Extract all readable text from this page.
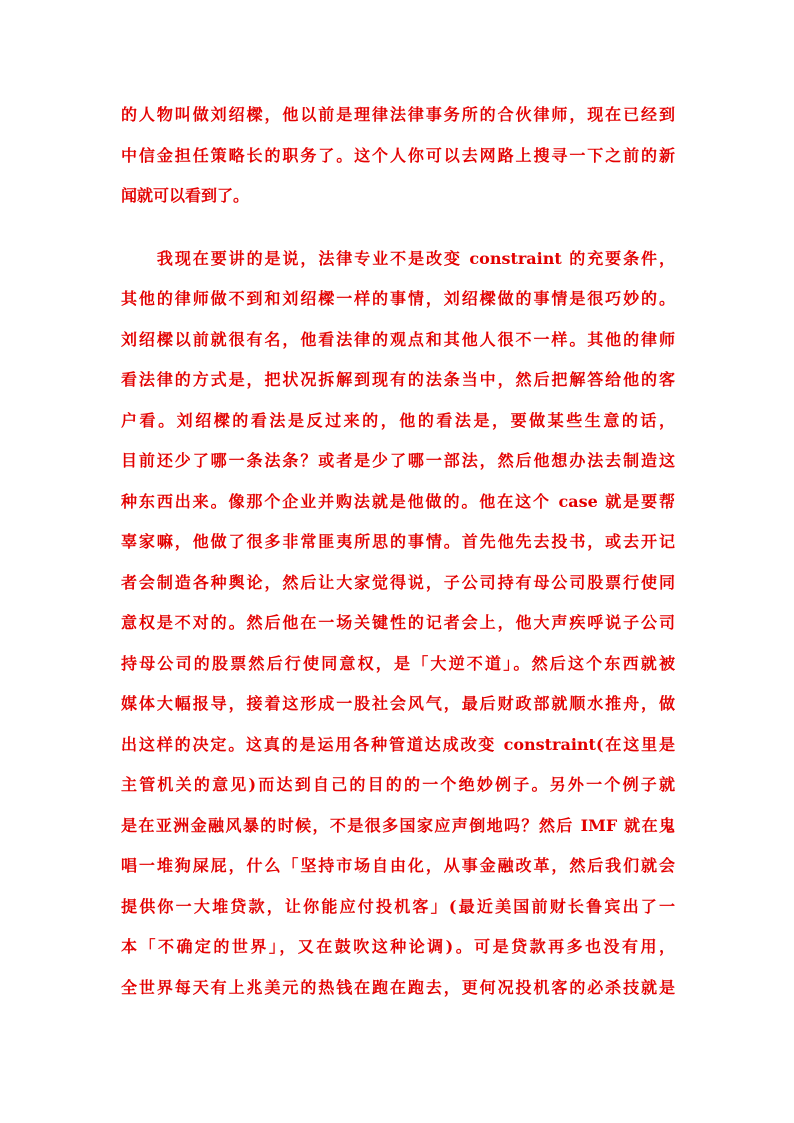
的人物叫做刘绍樑，他以前是理律法律事务所的合伙律师，现在已经到
中信金担任策略长的职务了。这个人你可以去网路上搜寻一下之前的新
闻就可以看到了。

　　我现在要讲的是说，法律专业不是改变 constraint 的充要条件，
其他的律师做不到和刘绍樑一样的事情，刘绍樑做的事情是很巧妙的。
刘绍樑以前就很有名，他看法律的观点和其他人很不一样。其他的律师
看法律的方式是，把状况拆解到现有的法条当中，然后把解答给他的客
户看。刘绍樑的看法是反过来的，他的看法是，要做某些生意的话，
目前还少了哪一条法条？或者是少了哪一部法，然后他想办法去制造这
种东西出来。像那个企业并购法就是他做的。他在这个 case 就是要帮
辜家嘛，他做了很多非常匪夷所思的事情。首先他先去投书，或去开记
者会制造各种舆论，然后让大家觉得说，子公司持有母公司股票行使同
意权是不对的。然后他在一场关键性的记者会上，他大声疾呼说子公司
持母公司的股票然后行使同意权，是「大逆不道」。然后这个东西就被
媒体大幅报导，接着这形成一股社会风气，最后财政部就顺水推舟，做
出这样的决定。这真的是运用各种管道达成改变 constraint(在这里是
主管机关的意见)而达到自己的目的的一个绝妙例子。另外一个例子就
是在亚洲金融风暴的时候，不是很多国家应声倒地吗？然后 IMF 就在鬼
唱一堆狗屎屁，什么「坚持市场自由化，从事金融改革，然后我们就会
提供你一大堆贷款，让你能应付投机客」(最近美国前财长鲁宾出了一
本「不确定的世界」，又在鼓吹这种论调)。可是贷款再多也没有用，
全世界每天有上兆美元的热钱在跑在跑去，更何况投机客的必杀技就是
